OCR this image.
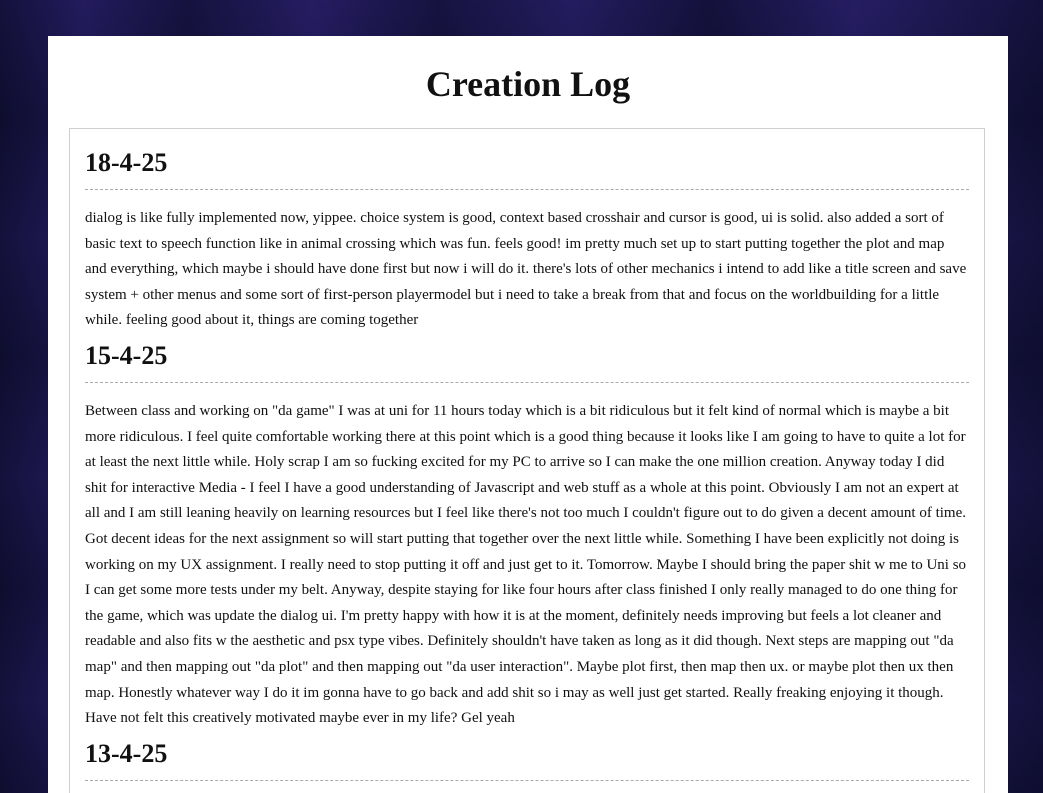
Creation Log
18-4-25

dialog is like fully implemented now, yippee. choice system is good, context based crosshair and cursor is good, ui is solid. also added a sort of basic text to speech function like in animal crossing which was fun. feels good! im pretty much set up to start putting together the plot and map and everything, which maybe i should have done first but now i will do it. there's lots of other mechanics i intend to add like a title screen and save system + other menus and some sort of first-person playermodel but i need to take a break from that and focus on the worldbuilding for a little while. feeling good about it, things are coming together

15-4-25

Between class and working on "da game" I was at uni for 11 hours today which is a bit ridiculous but it felt kind of normal which is maybe a bit more ridiculous. I feel quite comfortable working there at this point which is a good thing because it looks like I am going to have to quite a lot for at least the next little while. Holy scrap I am so fucking excited for my PC to arrive so I can make the one million creation. Anyway today I did shit for interactive Media - I feel I have a good understanding of Javascript and web stuff as a whole at this point. Obviously I am not an expert at all and I am still leaning heavily on learning resources but I feel like there's not too much I couldn't figure out to do given a decent amount of time. Got decent ideas for the next assignment so will start putting that together over the next little while. Something I have been explicitly not doing is working on my UX assignment. I really need to stop putting it off and just get to it. Tomorrow. Maybe I should bring the paper shit w me to Uni so I can get some more tests under my belt. Anyway, despite staying for like four hours after class finished I only really managed to do one thing for the game, which was update the dialog ui. I'm pretty happy with how it is at the moment, definitely needs improving but feels a lot cleaner and readable and also fits w the aesthetic and psx type vibes. Definitely shouldn't have taken as long as it did though. Next steps are mapping out "da map" and then mapping out "da plot" and then mapping out "da user interaction". Maybe plot first, then map then ux. or maybe plot then ux then map. Honestly whatever way I do it im gonna have to go back and add shit so i may as well just get started. Really freaking enjoying it though. Have not felt this creatively motivated maybe ever in my life? Gel yeah

13-4-25
